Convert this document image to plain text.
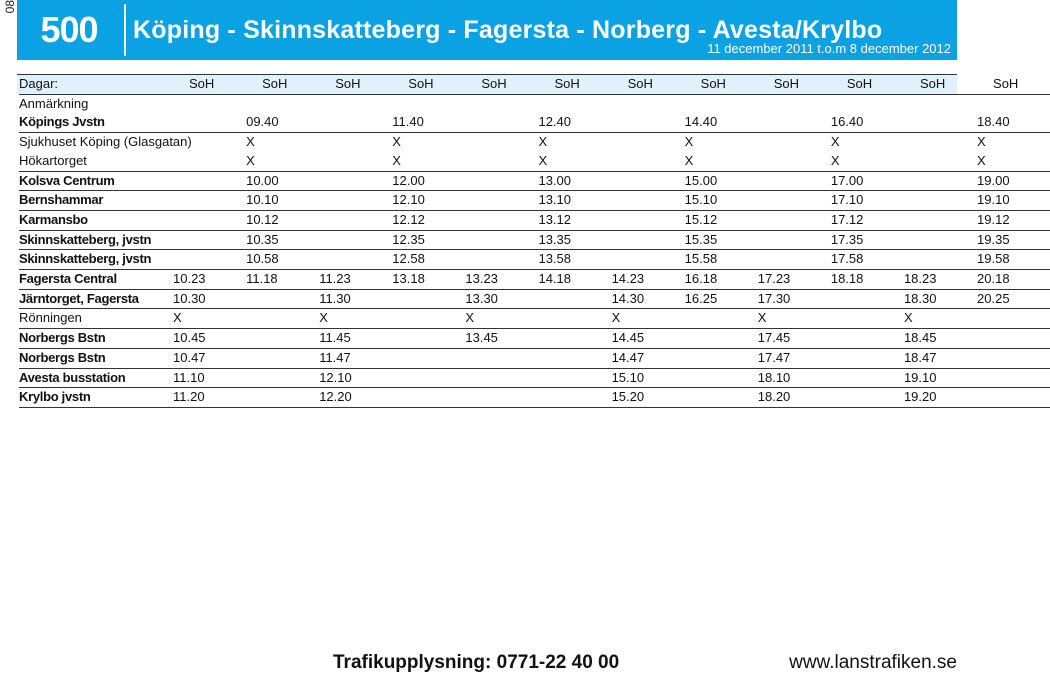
08
500	Köping - Skinnskatteberg - Fagersta - Norberg - Avesta/Krylbo
11 december 2011 t.o.m 8 december 2012
Dagar:	SoH	SoH	SoH	SoH	SoH	SoH	SoH	SoH	SoH	SoH	SoH	SoH
Anmärkning												
Köpings Jvstn		09.40		11.40		12.40		14.40		16.40		18.40
Sjukhuset Köping (Glasgatan)		X		X		X		X		X		X
Hökartorget		X		X		X		X		X		X
Kolsva Centrum		10.00		12.00		13.00		15.00		17.00		19.00
Bernshammar		10.10		12.10		13.10		15.10		17.10		19.10
Karmansbo		10.12		12.12		13.12		15.12		17.12		19.12
Skinnskatteberg, jvstn		10.35		12.35		13.35		15.35		17.35		19.35
Skinnskatteberg, jvstn		10.58		12.58		13.58		15.58		17.58		19.58
Fagersta Central	10.23	11.18	11.23	13.18	13.23	14.18	14.23	16.18	17.23	18.18	18.23	20.18
Järntorget, Fagersta	10.30		11.30		13.30		14.30	16.25	17.30		18.30	20.25
Rönningen	X		X		X		X		X		X	
Norbergs Bstn	10.45		11.45		13.45		14.45		17.45		18.45	
Norbergs Bstn	10.47		11.47				14.47		17.47		18.47	
Avesta busstation	11.10		12.10				15.10		18.10		19.10	
Krylbo jvstn	11.20		12.20				15.20		18.20		19.20	
Trafikupplysning: 0771-22 40 00	www.lanstrafiken.se
